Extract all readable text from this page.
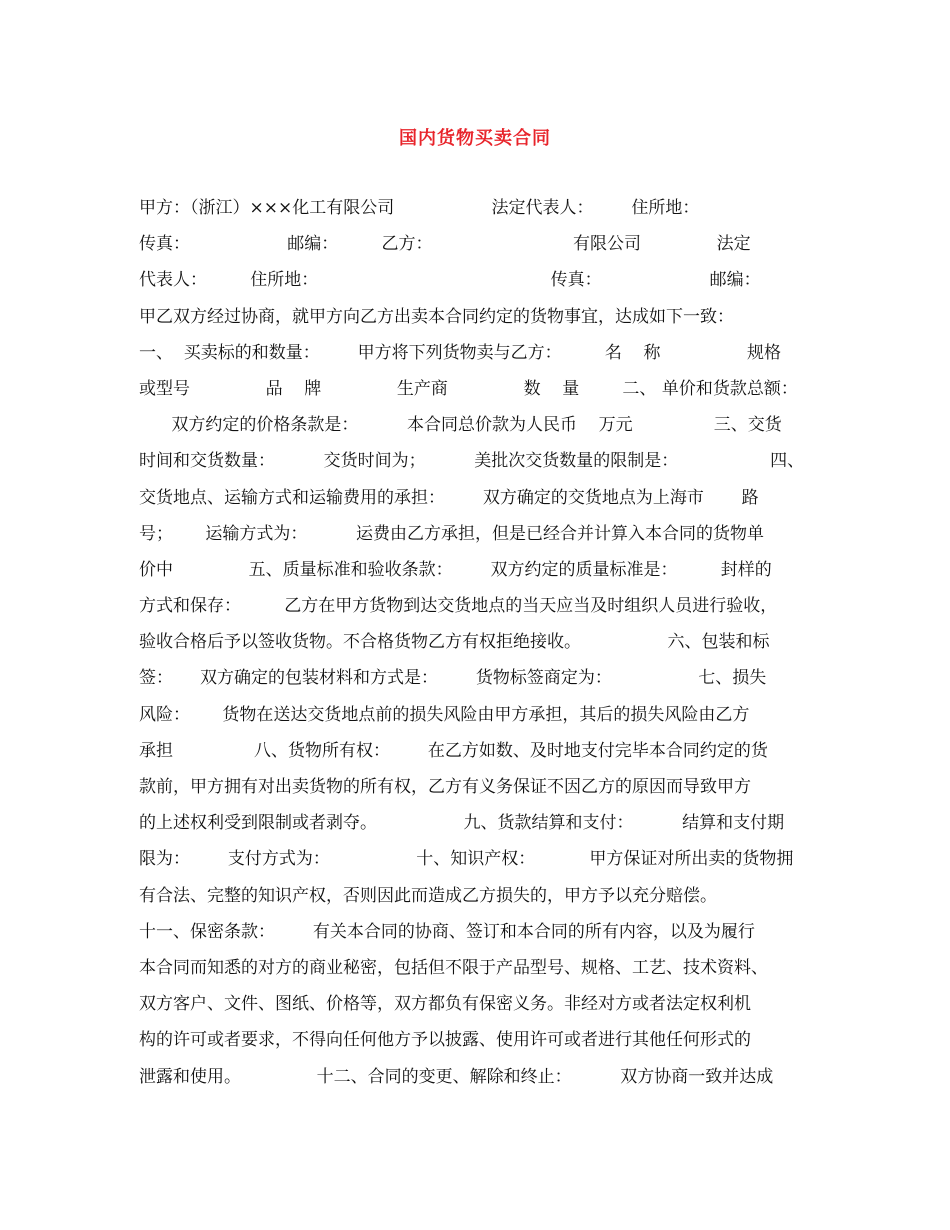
国内货物买卖合同
甲方：（浙江）×××化工有限公司                  法定代表人：       住所地：
传真：                  邮编：        乙方：                          有限公司              法定
代表人：        住所地：                                           传真：                    邮编：
甲乙双方经过协商，就甲方向乙方出卖本合同约定的货物事宜，达成如下一致：
一、  买卖标的和数量：       甲方将下列货物卖与乙方：        名    称                规格
或型号              品    牌              生产商              数    量        二、 单价和货款总额：
双方约定的价格条款是：         本合同总价款为人民币    万元               三、交货
时间和交货数量：         交货时间为；         美批次交货数量的限制是：                 四、
交货地点、运输方式和运输费用的承担：       双方确定的交货地点为上海市       路
号；      运输方式为：         运费由乙方承担，但是已经合并计算入本合同的货物单
价中              五、质量标准和验收条款：       双方约定的质量标准是：        封样的
方式和保存：        乙方在甲方货物到达交货地点的当天应当及时组织人员进行验收，
验收合格后予以签收货物。不合格货物乙方有权拒绝接收。                六、包装和标
签：     双方确定的包装材料和方式是：       货物标签商定为：                七、损失
风险：      货物在送达交货地点前的损失风险由甲方承担，其后的损失风险由乙方
承担               八、货物所有权：       在乙方如数、及时地支付完毕本合同约定的货
款前，甲方拥有对出卖货物的所有权，乙方有义务保证不因乙方的原因而导致甲方
的上述权利受到限制或者剥夺。                九、货款结算和支付：         结算和支付期
限为：       支付方式为：                十、知识产权：          甲方保证对所出卖的货物拥
有合法、完整的知识产权，否则因此而造成乙方损失的，甲方予以充分赔偿。
十一、保密条款：       有关本合同的协商、签订和本合同的所有内容，以及为履行
本合同而知悉的对方的商业秘密，包括但不限于产品型号、规格、工艺、技术资料、
双方客户、文件、图纸、价格等，双方都负有保密义务。非经对方或者法定权利机
构的许可或者要求，不得向任何他方予以披露、使用许可或者进行其他任何形式的
泄露和使用。              十二、合同的变更、解除和终止：         双方协商一致并达成
